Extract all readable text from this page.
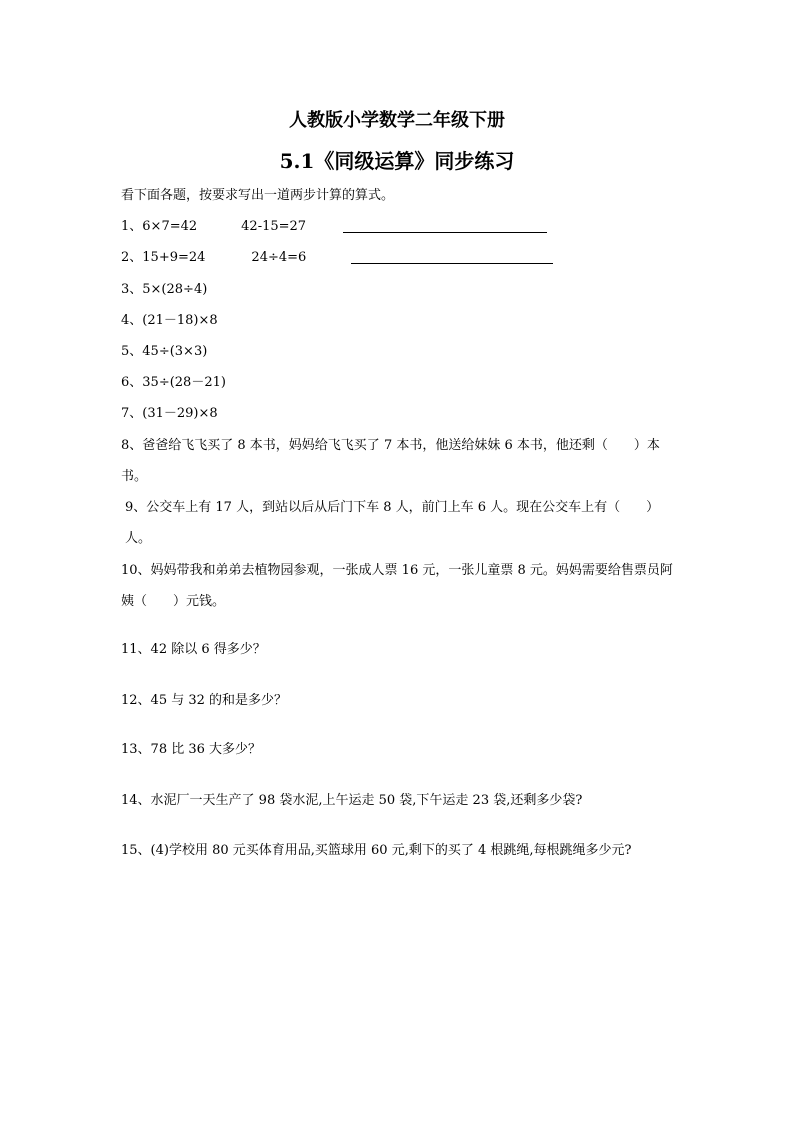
人教版小学数学二年级下册
5.1《同级运算》同步练习
看下面各题，按要求写出一道两步计算的算式。
1、6×7=42	42-15=27
2、15+9=24	24÷4=6
3、5×(28÷4)
4、(21－18)×8
5、45÷(3×3)
6、35÷(28－21)
7、(31－29)×8
8、爸爸给飞飞买了 8 本书，妈妈给飞飞买了 7 本书，他送给妹妹 6 本书，他还剩（　　）本书。
9、公交车上有 17 人，到站以后从后门下车 8 人，前门上车 6 人。现在公交车上有（　　）人。
10、妈妈带我和弟弟去植物园参观，一张成人票 16 元，一张儿童票 8 元。妈妈需要给售票员阿姨（　　）元钱。
11、42 除以 6 得多少？
12、45 与 32 的和是多少？
13、78 比 36 大多少？
14、水泥厂一天生产了 98 袋水泥,上午运走 50 袋,下午运走 23 袋,还剩多少袋?
15、(4)学校用 80 元买体育用品,买篮球用 60 元,剩下的买了 4 根跳绳,每根跳绳多少元?
